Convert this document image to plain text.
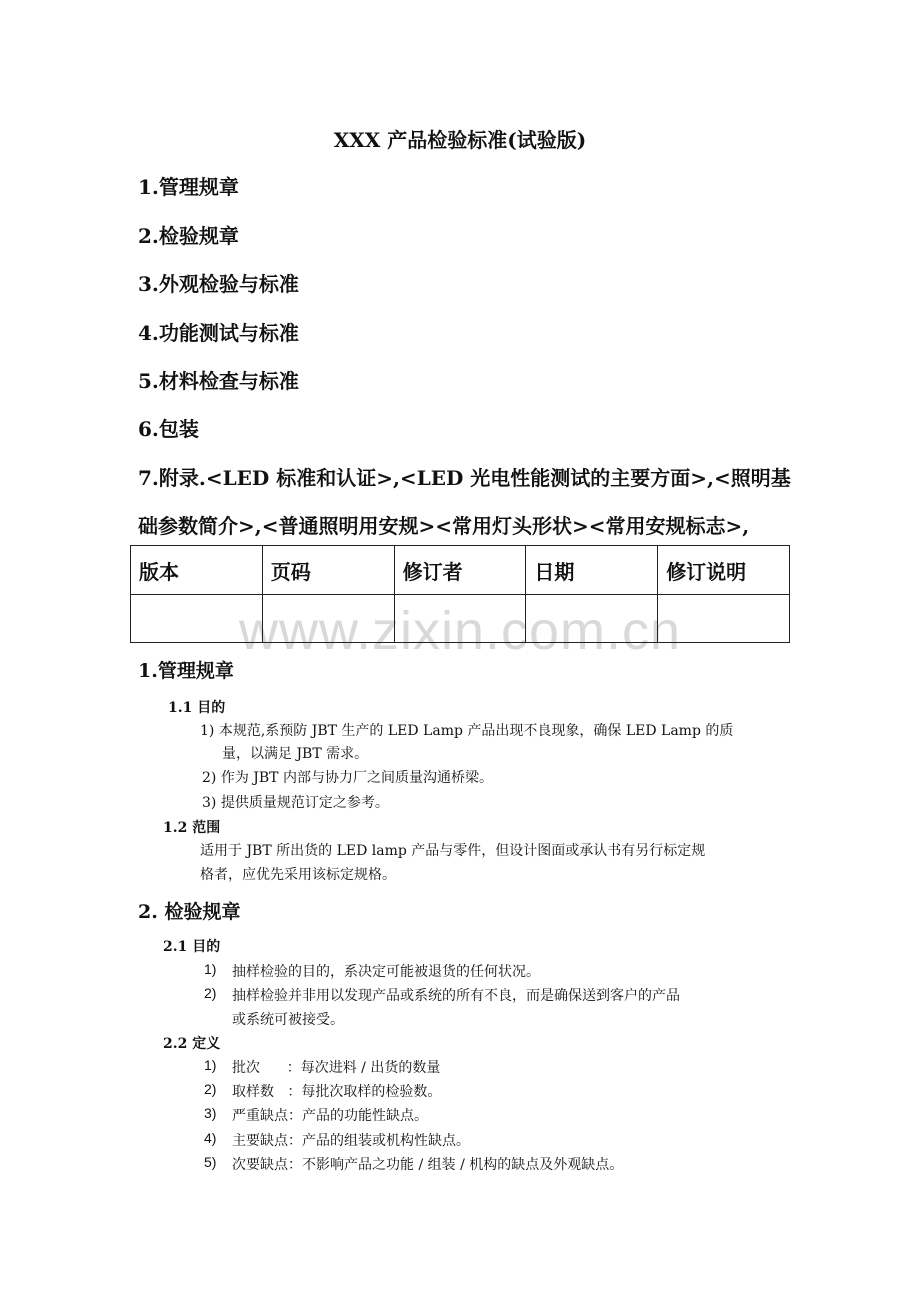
www.zixin.com.cn
XXX 产品检验标准(试验版)
1.管理规章
2.检验规章
3.外观检验与标准
4.功能测试与标准
5.材料检查与标准
6.包装
7.附录.<LED 标准和认证>,<LED 光电性能测试的主要方面>,<照明基
础参数简介>,<普通照明用安规><常用灯头形状><常用安规标志>,
版本	页码	修订者	日期	修订说明

1.管理规章
1.1 目的
1) 本规范,系预防 JBT 生产的 LED Lamp 产品出现不良现象，确保 LED Lamp 的质
量，以满足 JBT 需求。
2) 作为 JBT 内部与协力厂之间质量沟通桥梁。
3) 提供质量规范订定之参考。
1.2 范围
适用于 JBT 所出货的 LED lamp 产品与零件，但设计图面或承认书有另行标定规
格者，应优先采用该标定规格。
2. 检验规章
2.1 目的
1) 抽样检验的目的，系决定可能被退货的任何状况。
2) 抽样检验并非用以发现产品或系统的所有不良，而是确保送到客户的产品
或系统可被接受。
2.2 定义
1) 批次      ：每次进料 / 出货的数量
2) 取样数   ：每批次取样的检验数。
3) 严重缺点：产品的功能性缺点。
4) 主要缺点：产品的组装或机构性缺点。
5) 次要缺点：不影响产品之功能 / 组装 / 机构的缺点及外观缺点。
